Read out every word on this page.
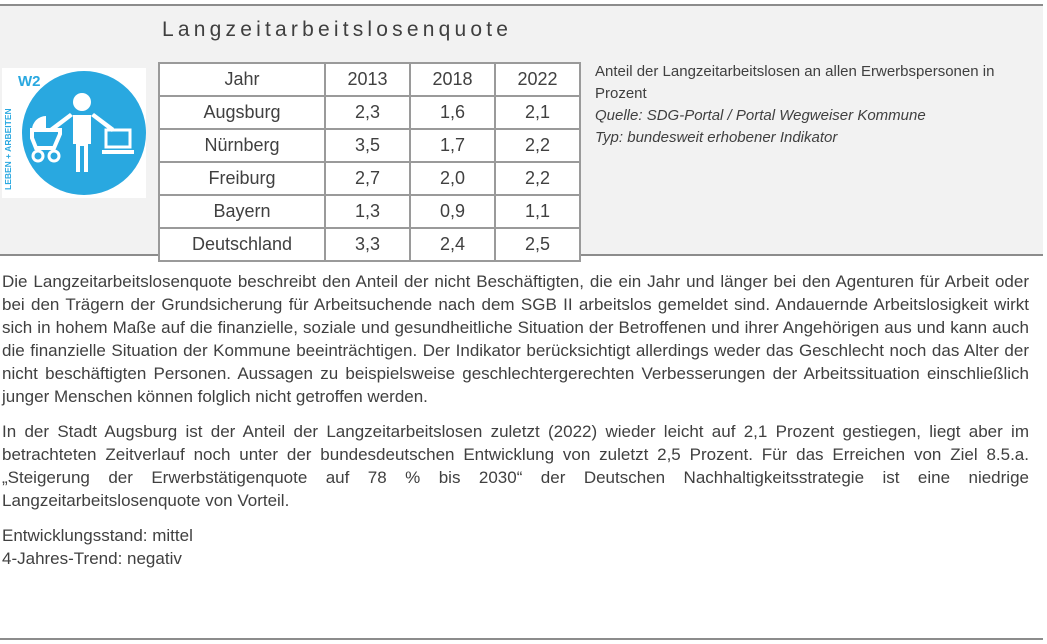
Langzeitarbeitslosenquote
W2
LEBEN + ARBEITEN
Jahr	2013	2018	2022
Augsburg	2,3	1,6	2,1
Nürnberg	3,5	1,7	2,2
Freiburg	2,7	2,0	2,2
Bayern	1,3	0,9	1,1
Deutschland	3,3	2,4	2,5
Anteil der Langzeitarbeitslosen an allen Erwerbspersonen in Prozent
Quelle: SDG-Portal / Portal Wegweiser Kommune
Typ: bundesweit erhobener Indikator

Die Langzeitarbeitslosenquote beschreibt den Anteil der nicht Beschäftigten, die ein Jahr und länger bei den Agenturen für Arbeit oder bei den Trägern der Grundsicherung für Arbeitsuchende nach dem SGB II arbeitslos gemeldet sind. Andauernde Arbeitslosigkeit wirkt sich in hohem Maße auf die finanzielle, soziale und gesundheitliche Situation der Betroffenen und ihrer Angehörigen aus und kann auch die finanzielle Situation der Kommune beeinträchtigen. Der Indikator berücksichtigt allerdings weder das Geschlecht noch das Alter der nicht beschäftigten Personen. Aussagen zu beispielsweise geschlechtergerechten Verbesserungen der Arbeitssituation einschließlich junger Menschen können folglich nicht getroffen werden.

In der Stadt Augsburg ist der Anteil der Langzeitarbeitslosen zuletzt (2022) wieder leicht auf 2,1 Prozent gestiegen, liegt aber im betrachteten Zeitverlauf noch unter der bundesdeutschen Entwicklung von zuletzt 2,5 Prozent. Für das Erreichen von Ziel 8.5.a. „Steigerung der Erwerbstätigenquote auf 78 % bis 2030“ der Deutschen Nachhaltigkeitsstrategie ist eine niedrige Langzeitarbeitslosenquote von Vorteil.

Entwicklungsstand: mittel
4-Jahres-Trend: negativ
